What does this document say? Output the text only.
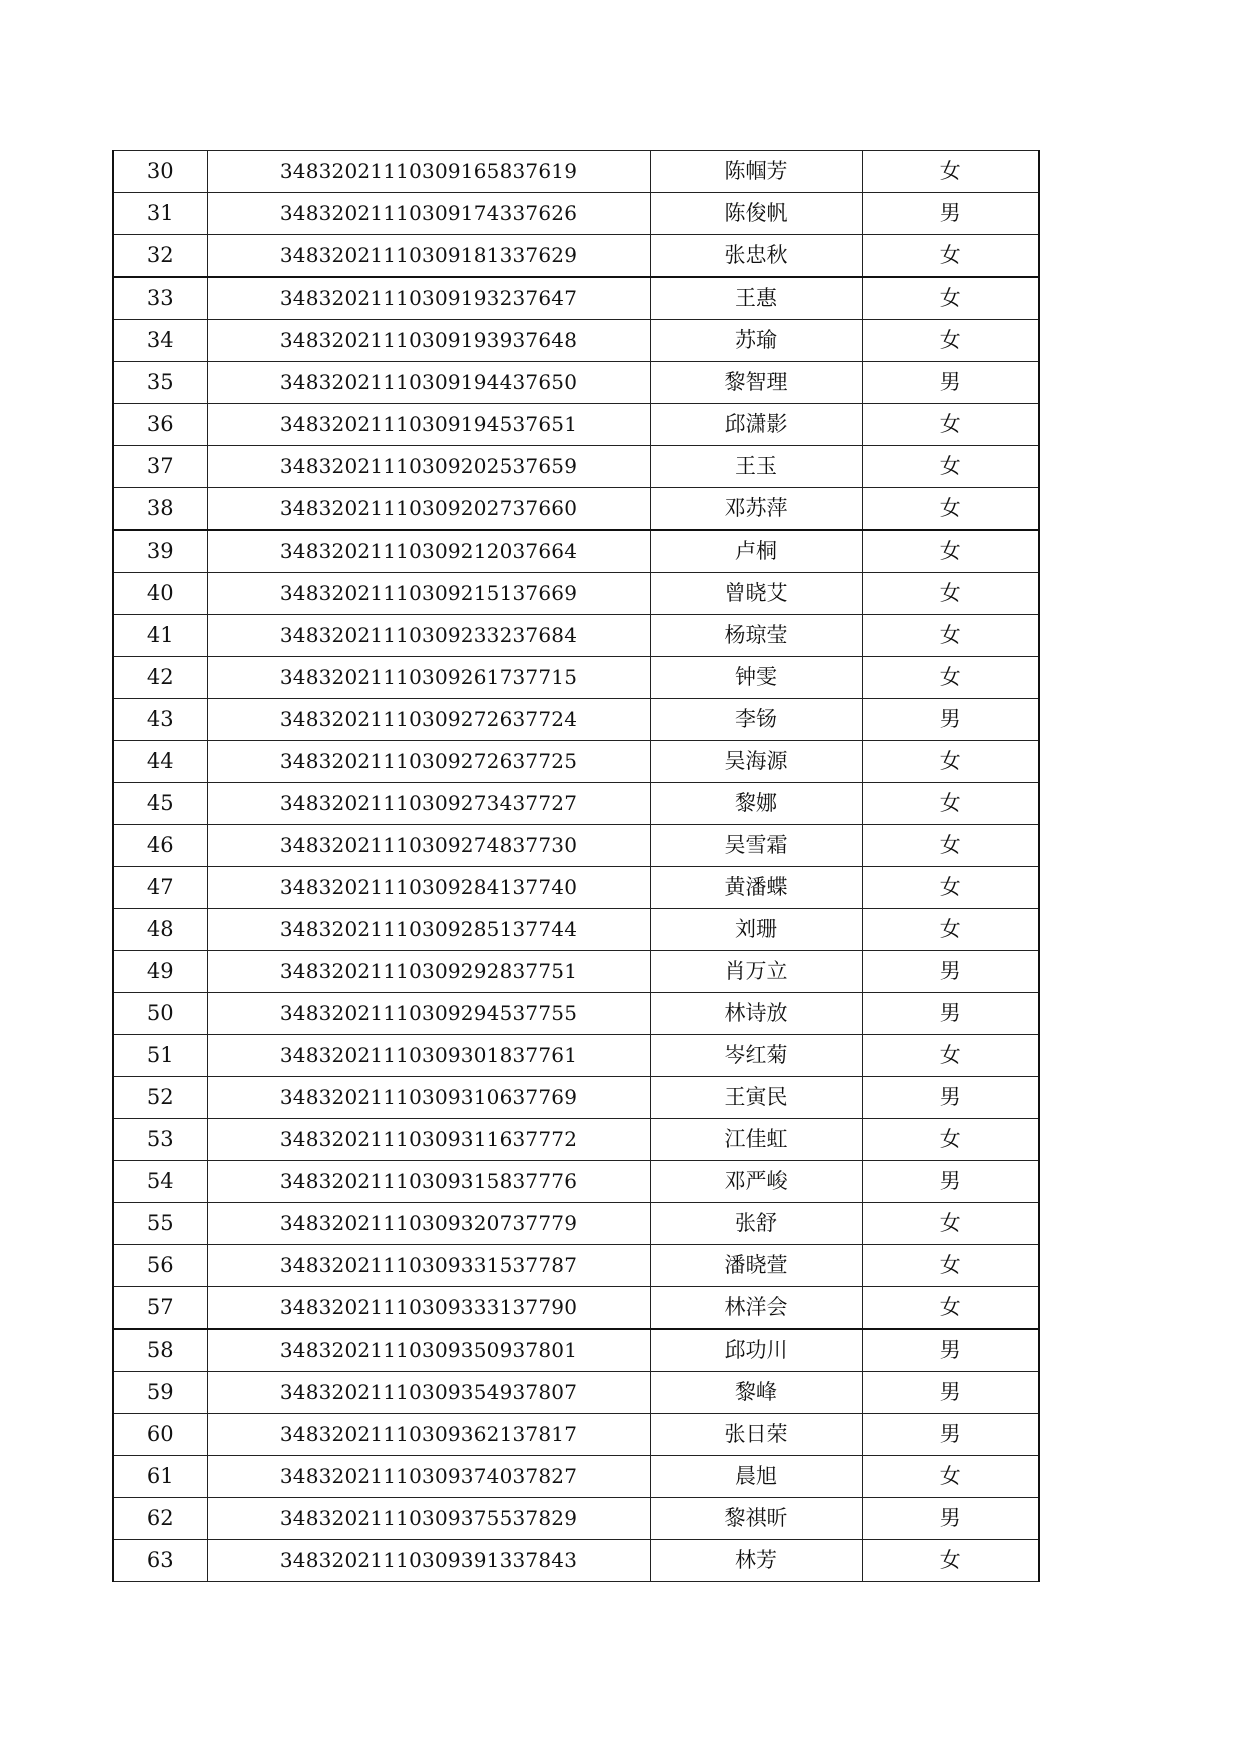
30	34832021110309165837619	陈帼芳	女
31	34832021110309174337626	陈俊帆	男
32	34832021110309181337629	张忠秋	女
33	34832021110309193237647	王惠	女
34	34832021110309193937648	苏瑜	女
35	34832021110309194437650	黎智理	男
36	34832021110309194537651	邱潇影	女
37	34832021110309202537659	王玉	女
38	34832021110309202737660	邓苏萍	女
39	34832021110309212037664	卢桐	女
40	34832021110309215137669	曾晓艾	女
41	34832021110309233237684	杨琼莹	女
42	34832021110309261737715	钟雯	女
43	34832021110309272637724	李钖	男
44	34832021110309272637725	吴海源	女
45	34832021110309273437727	黎娜	女
46	34832021110309274837730	吴雪霜	女
47	34832021110309284137740	黄潘蝶	女
48	34832021110309285137744	刘珊	女
49	34832021110309292837751	肖万立	男
50	34832021110309294537755	林诗放	男
51	34832021110309301837761	岑红菊	女
52	34832021110309310637769	王寅民	男
53	34832021110309311637772	江佳虹	女
54	34832021110309315837776	邓严峻	男
55	34832021110309320737779	张舒	女
56	34832021110309331537787	潘晓萱	女
57	34832021110309333137790	林洋会	女
58	34832021110309350937801	邱功川	男
59	34832021110309354937807	黎峰	男
60	34832021110309362137817	张日荣	男
61	34832021110309374037827	晨旭	女
62	34832021110309375537829	黎祺昕	男
63	34832021110309391337843	林芳	女
